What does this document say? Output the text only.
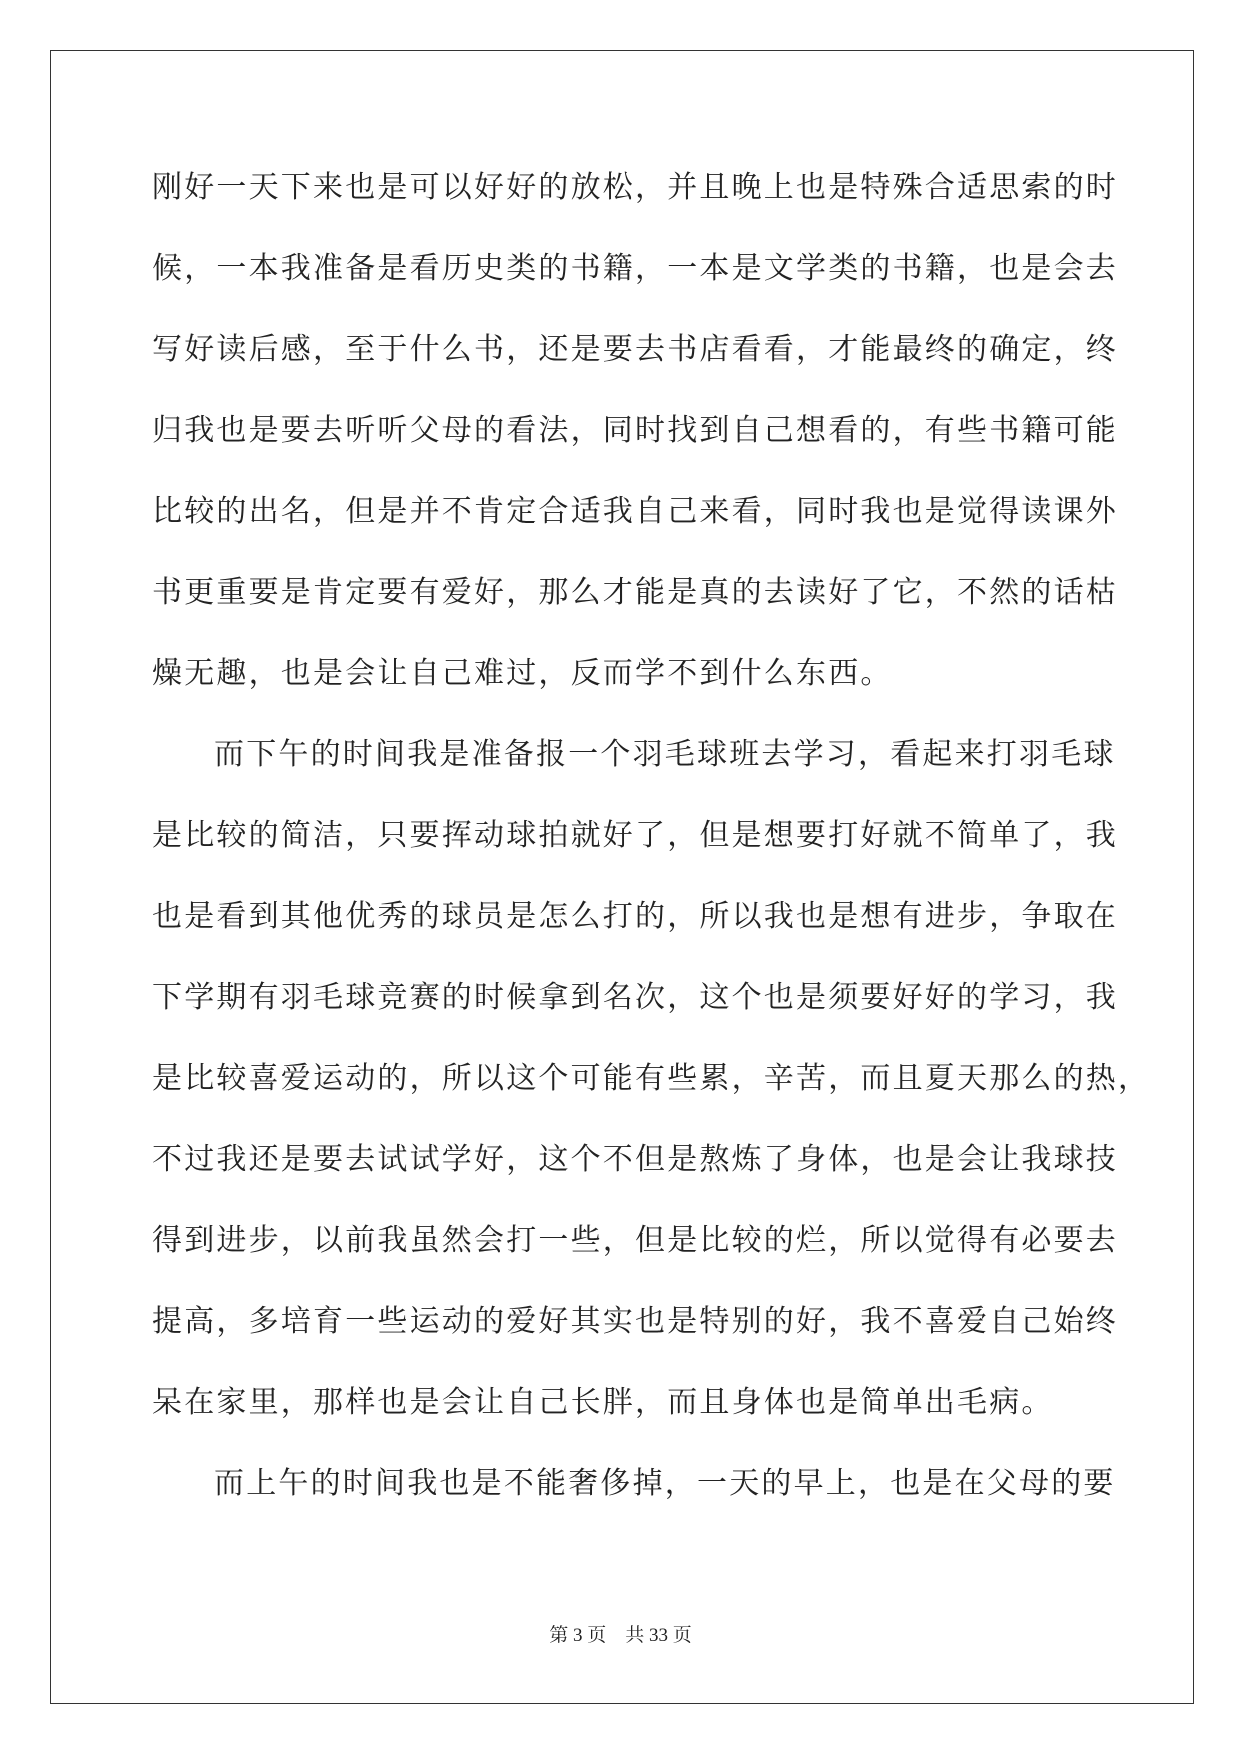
刚好一天下来也是可以好好的放松，并且晚上也是特殊合适思索的时
候，一本我准备是看历史类的书籍，一本是文学类的书籍，也是会去
写好读后感，至于什么书，还是要去书店看看，才能最终的确定，终
归我也是要去听听父母的看法，同时找到自己想看的，有些书籍可能
比较的出名，但是并不肯定合适我自己来看，同时我也是觉得读课外
书更重要是肯定要有爱好，那么才能是真的去读好了它，不然的话枯
燥无趣，也是会让自己难过，反而学不到什么东西。
而下午的时间我是准备报一个羽毛球班去学习，看起来打羽毛球
是比较的简洁，只要挥动球拍就好了，但是想要打好就不简单了，我
也是看到其他优秀的球员是怎么打的，所以我也是想有进步，争取在
下学期有羽毛球竞赛的时候拿到名次，这个也是须要好好的学习，我
是比较喜爱运动的，所以这个可能有些累，辛苦，而且夏天那么的热，
不过我还是要去试试学好，这个不但是熬炼了身体，也是会让我球技
得到进步，以前我虽然会打一些，但是比较的烂，所以觉得有必要去
提高，多培育一些运动的爱好其实也是特别的好，我不喜爱自己始终
呆在家里，那样也是会让自己长胖，而且身体也是简单出毛病。
而上午的时间我也是不能奢侈掉，一天的早上，也是在父母的要
第 3 页 共 33 页
